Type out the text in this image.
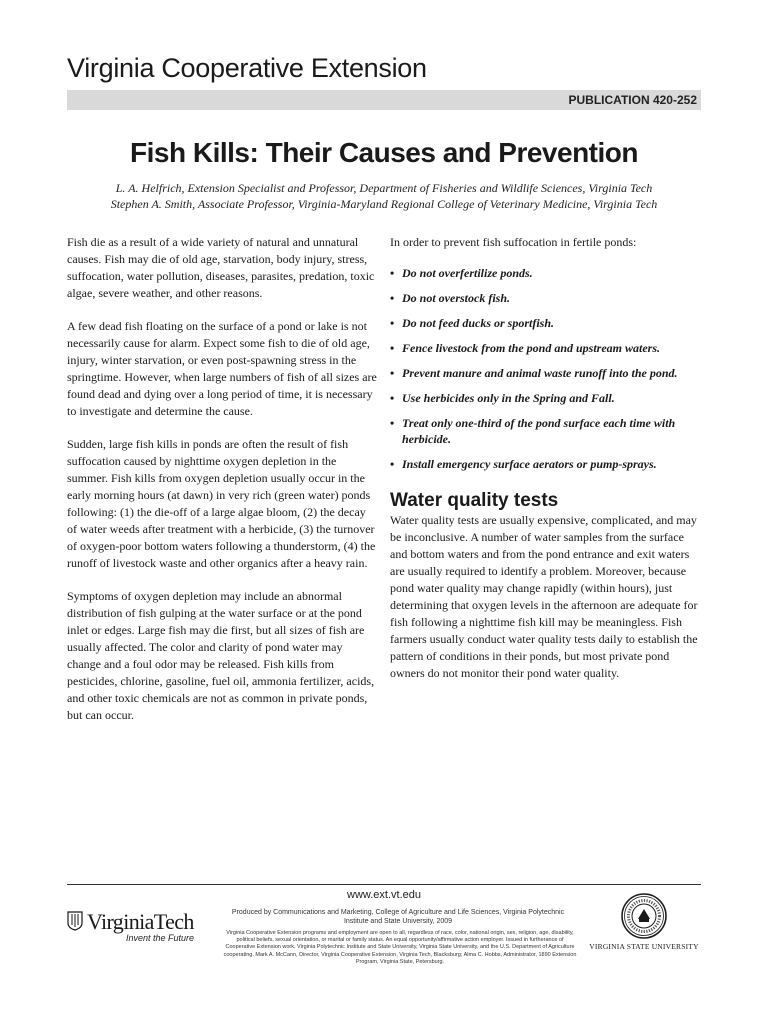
Virginia Cooperative Extension
PUBLICATION 420-252
Fish Kills: Their Causes and Prevention
L. A. Helfrich, Extension Specialist and Professor, Department of Fisheries and Wildlife Sciences, Virginia Tech
Stephen A. Smith, Associate Professor, Virginia-Maryland Regional College of Veterinary Medicine, Virginia Tech

Fish die as a result of a wide variety of natural and unnatural causes. Fish may die of old age, starvation, body injury, stress, suffocation, water pollution, diseases, parasites, predation, toxic algae, severe weather, and other reasons.

A few dead fish floating on the surface of a pond or lake is not necessarily cause for alarm. Expect some fish to die of old age, injury, winter starvation, or even post-spawning stress in the springtime. However, when large numbers of fish of all sizes are found dead and dying over a long period of time, it is necessary to investigate and determine the cause.

Sudden, large fish kills in ponds are often the result of fish suffocation caused by nighttime oxygen depletion in the summer. Fish kills from oxygen depletion usually occur in the early morning hours (at dawn) in very rich (green water) ponds following: (1) the die-off of a large algae bloom, (2) the decay of water weeds after treatment with a herbicide, (3) the turnover of oxygen-poor bottom waters following a thunderstorm, (4) the runoff of livestock waste and other organics after a heavy rain.

Symptoms of oxygen depletion may include an abnormal distribution of fish gulping at the water surface or at the pond inlet or edges. Large fish may die first, but all sizes of fish are usually affected. The color and clarity of pond water may change and a foul odor may be released. Fish kills from pesticides, chlorine, gasoline, fuel oil, ammonia fertilizer, acids, and other toxic chemicals are not as common in private ponds, but can occur.

In order to prevent fish suffocation in fertile ponds:
• Do not overfertilize ponds.
• Do not overstock fish.
• Do not feed ducks or sportfish.
• Fence livestock from the pond and upstream waters.
• Prevent manure and animal waste runoff into the pond.
• Use herbicides only in the Spring and Fall.
• Treat only one-third of the pond surface each time with herbicide.
• Install emergency surface aerators or pump-sprays.
Water quality tests

Water quality tests are usually expensive, complicated, and may be inconclusive. A number of water samples from the surface and bottom waters and from the pond entrance and exit waters are usually required to identify a problem. Moreover, because pond water quality may change rapidly (within hours), just determining that oxygen levels in the afternoon are adequate for fish following a nighttime fish kill may be meaningless. Fish farmers usually conduct water quality tests daily to establish the pattern of conditions in their ponds, but most private pond owners do not monitor their pond water quality.

www.ext.vt.edu
VirginiaTech
Invent the Future
Produced by Communications and Marketing, College of Agriculture and Life Sciences, Virginia Polytechnic Institute and State University, 2009
Virginia Cooperative Extension programs and employment are open to all, regardless of race, color, national origin, sex, religion, age, disability, political beliefs, sexual orientation, or marital or family status. An equal opportunity/affirmative action employer. Issued in furtherance of Cooperative Extension work, Virginia Polytechnic Institute and State University, Virginia State University, and the U.S. Department of Agriculture cooperating. Mark A. McCann, Director, Virginia Cooperative Extension, Virginia Tech, Blacksburg; Alma C. Hobbs, Administrator, 1890 Extension Program, Virginia State, Petersburg.
VIRGINIA STATE UNIVERSITY
